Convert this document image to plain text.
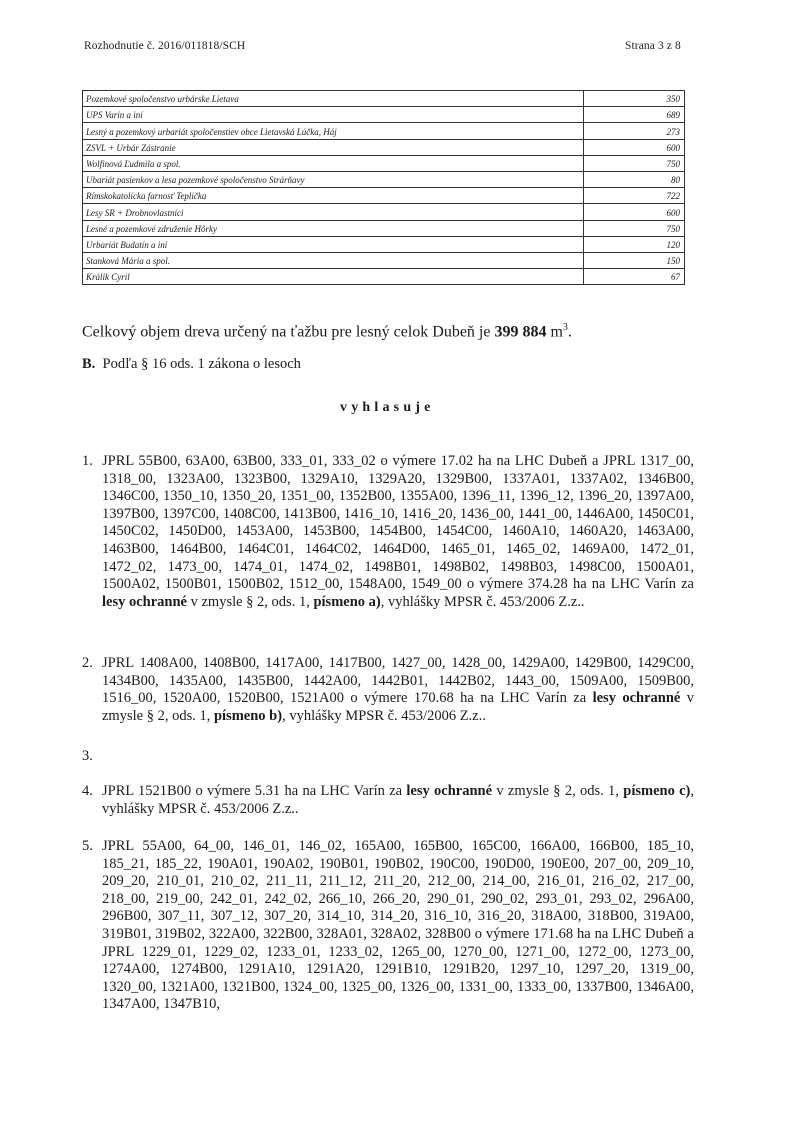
Rozhodnutie č. 2016/011818/SCH	Strana 3 z 8
Pozemkové spoločenstvo urbárske Lietava	350
UPS Varín a iní	689
Lesný a pozemkový urbariát spoločenstiev obce Lietavská Lúčka, Háj	273
ZSVL + Urbár Zástranie	600
Wolfinová Ľudmila a spol.	750
Ubariát pasienkov a lesa pozemkové spoločenstvo Strárňavy	80
Rímskokatolícka farnosť Teplička	722
Lesy SR + Drobnovlastníci	600
Lesné a pozemkové združenie Hôrky	750
Urbariát Budatín a iní	120
Stanková Mária a spol.	150
Králik Cyril	67
Celkový objem dreva určený na ťažbu pre lesný celok Dubeň je 399 884 $m^3$.
B. Podľa § 16 ods. 1 zákona o lesoch
vyhlasuje
1. JPRL 55B00, 63A00, 63B00, 333_01, 333_02 o výmere 17.02 ha na LHC Dubeň a JPRL 1317_00, 1318_00, 1323A00, 1323B00, 1329A10, 1329A20, 1329B00, 1337A01, 1337A02, 1346B00, 1346C00, 1350_10, 1350_20, 1351_00, 1352B00, 1355A00, 1396_11, 1396_12, 1396_20, 1397A00, 1397B00, 1397C00, 1408C00, 1413B00, 1416_10, 1416_20, 1436_00, 1441_00, 1446A00, 1450C01, 1450C02, 1450D00, 1453A00, 1453B00, 1454B00, 1454C00, 1460A10, 1460A20, 1463A00, 1463B00, 1464B00, 1464C01, 1464C02, 1464D00, 1465_01, 1465_02, 1469A00, 1472_01, 1472_02, 1473_00, 1474_01, 1474_02, 1498B01, 1498B02, 1498B03, 1498C00, 1500A01, 1500A02, 1500B01, 1500B02, 1512_00, 1548A00, 1549_00 o výmere 374.28 ha na LHC Varín za lesy ochranné v zmysle § 2, ods. 1, písmeno a), vyhlášky MPSR č. 453/2006 Z.z..
2. JPRL 1408A00, 1408B00, 1417A00, 1417B00, 1427_00, 1428_00, 1429A00, 1429B00, 1429C00, 1434B00, 1435A00, 1435B00, 1442A00, 1442B01, 1442B02, 1443_00, 1509A00, 1509B00, 1516_00, 1520A00, 1520B00, 1521A00 o výmere 170.68 ha na LHC Varín za lesy ochranné v zmysle § 2, ods. 1, písmeno b), vyhlášky MPSR č. 453/2006 Z.z..
3.
4. JPRL 1521B00 o výmere 5.31 ha na LHC Varín za lesy ochranné v zmysle § 2, ods. 1, písmeno c), vyhlášky MPSR č. 453/2006 Z.z..
5. JPRL 55A00, 64_00, 146_01, 146_02, 165A00, 165B00, 165C00, 166A00, 166B00, 185_10, 185_21, 185_22, 190A01, 190A02, 190B01, 190B02, 190C00, 190D00, 190E00, 207_00, 209_10, 209_20, 210_01, 210_02, 211_11, 211_12, 211_20, 212_00, 214_00, 216_01, 216_02, 217_00, 218_00, 219_00, 242_01, 242_02, 266_10, 266_20, 290_01, 290_02, 293_01, 293_02, 296A00, 296B00, 307_11, 307_12, 307_20, 314_10, 314_20, 316_10, 316_20, 318A00, 318B00, 319A00, 319B01, 319B02, 322A00, 322B00, 328A01, 328A02, 328B00 o výmere 171.68 ha na LHC Dubeň a JPRL 1229_01, 1229_02, 1233_01, 1233_02, 1265_00, 1270_00, 1271_00, 1272_00, 1273_00, 1274A00, 1274B00, 1291A10, 1291A20, 1291B10, 1291B20, 1297_10, 1297_20, 1319_00, 1320_00, 1321A00, 1321B00, 1324_00, 1325_00, 1326_00, 1331_00, 1333_00, 1337B00, 1346A00, 1347A00, 1347B10,
